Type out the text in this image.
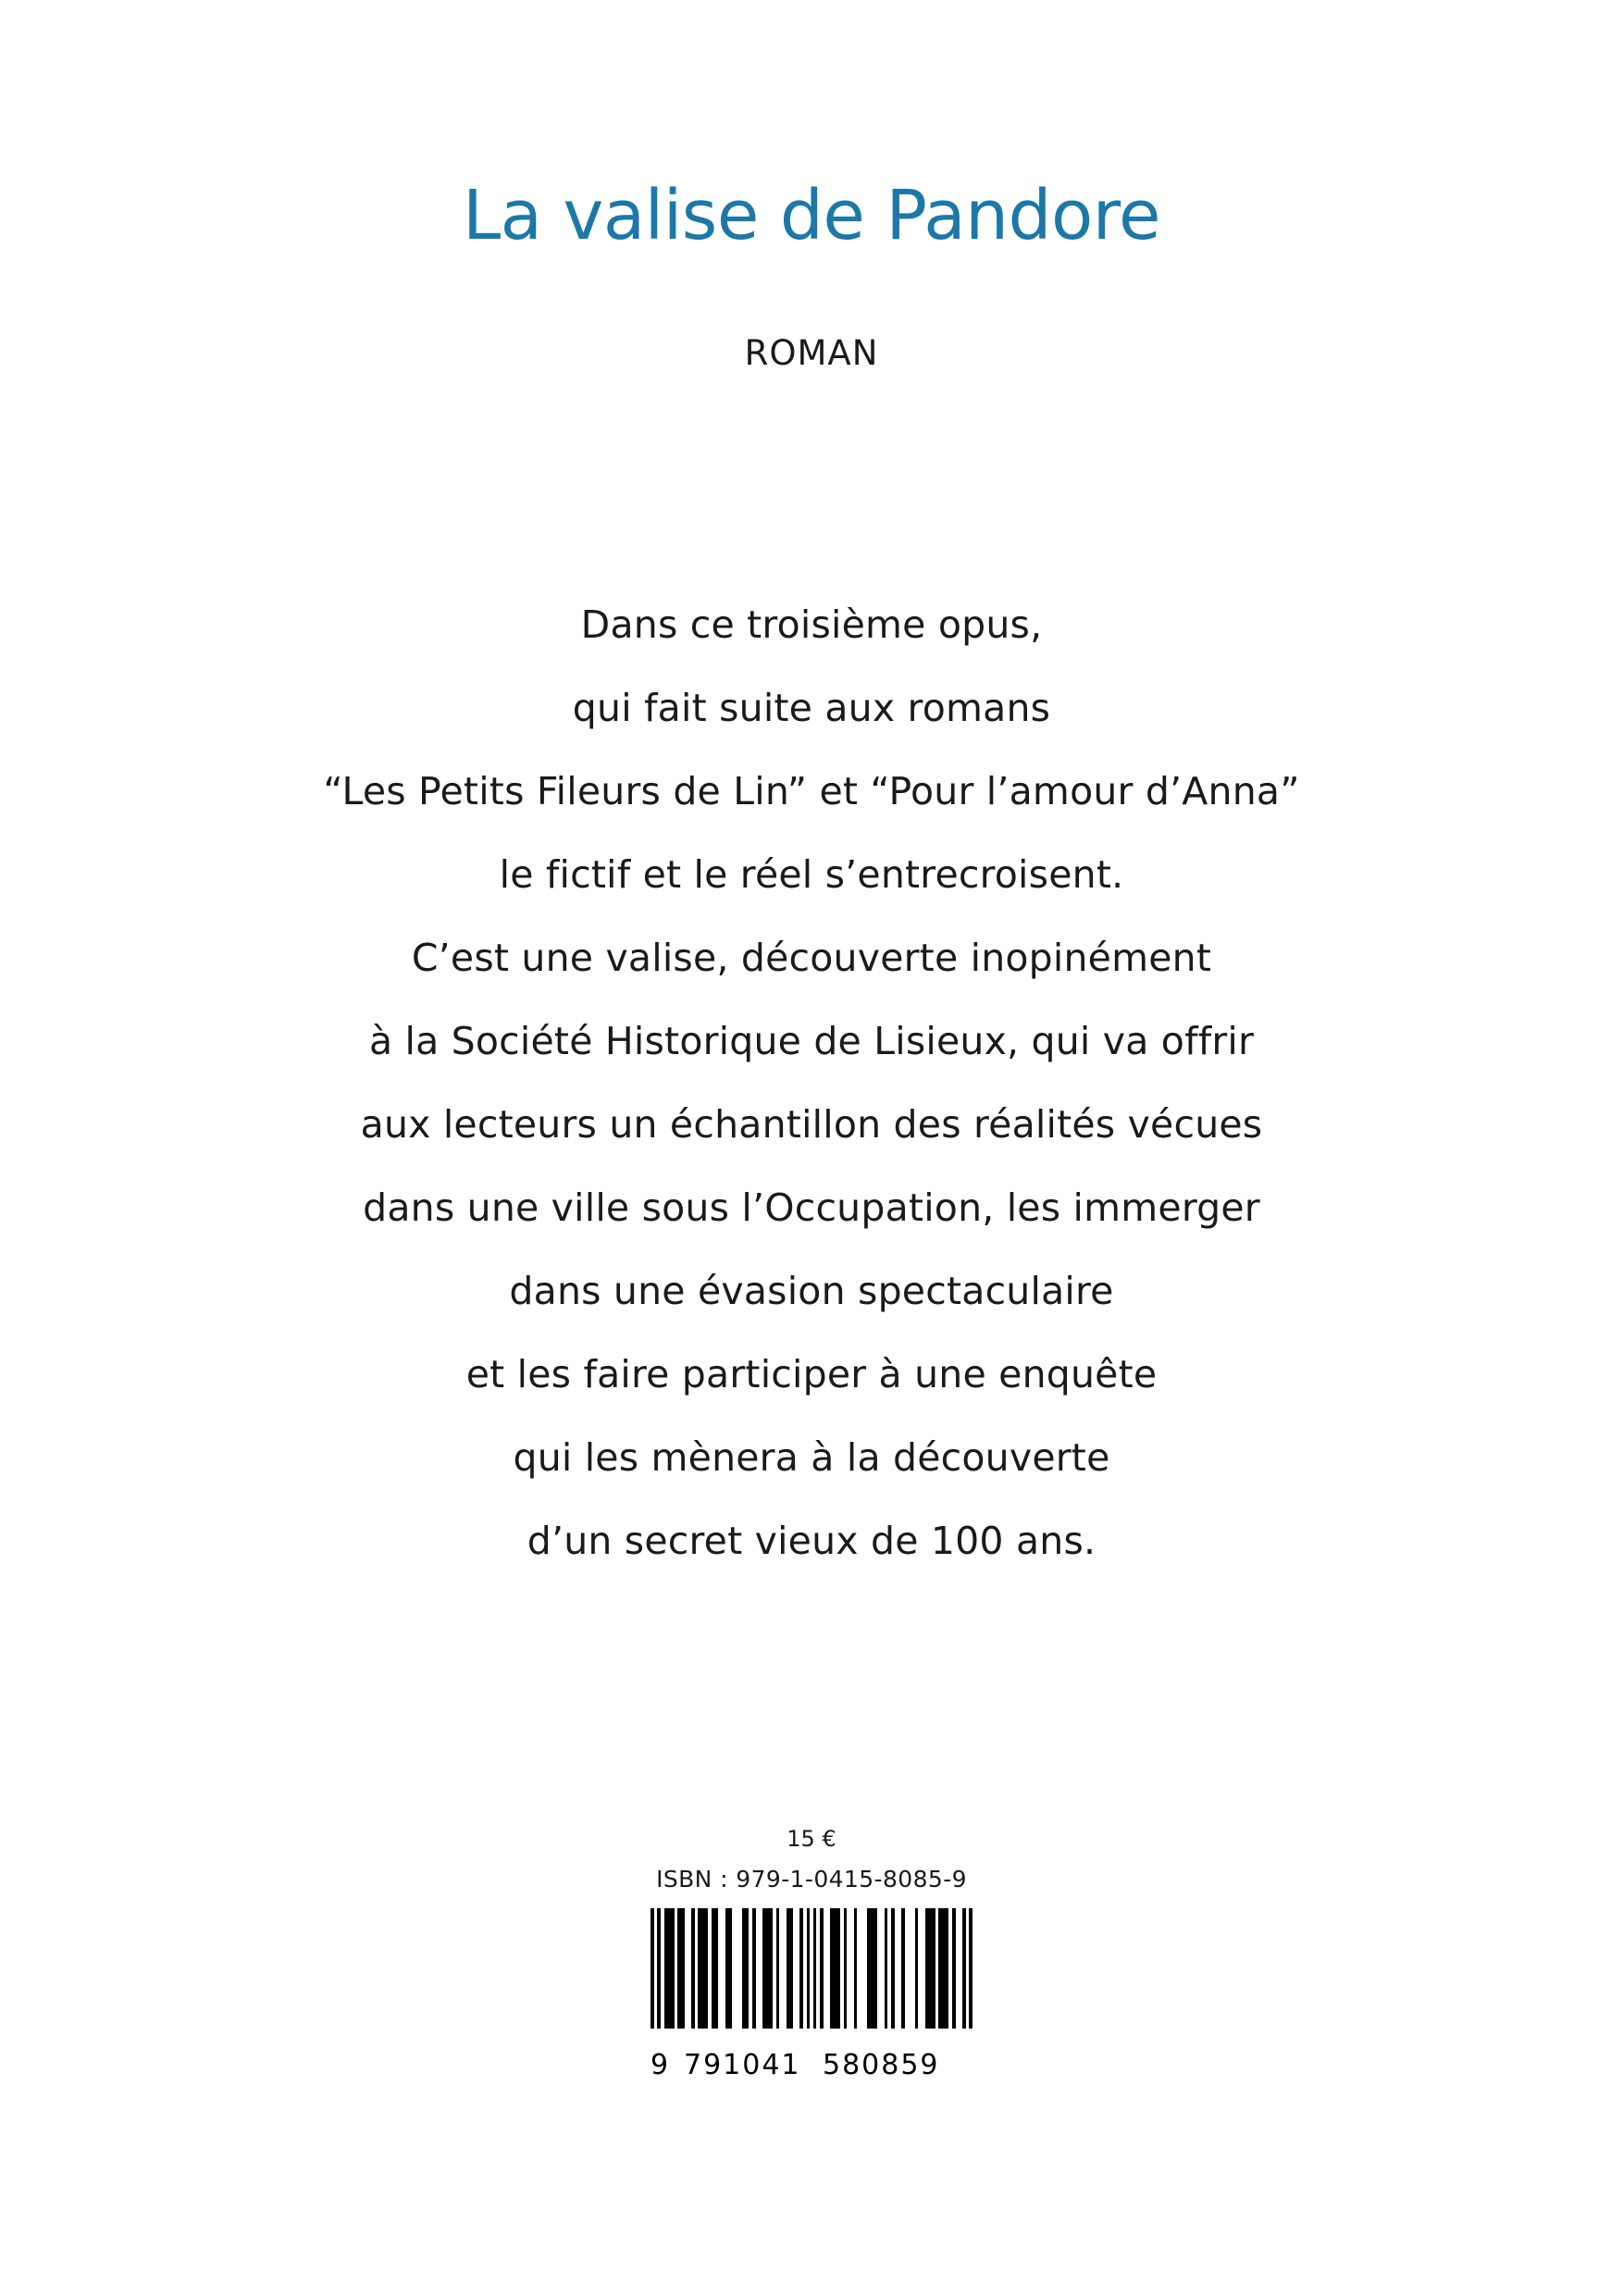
La valise de Pandore
ROMAN
Dans ce troisième opus,
qui fait suite aux romans
“Les Petits Fileurs de Lin” et “Pour l’amour d’Anna”
le fictif et le réel s’entrecroisent.
C’est une valise, découverte inopinément
à la Société Historique de Lisieux, qui va offrir
aux lecteurs un échantillon des réalités vécues
dans une ville sous l’Occupation, les immerger
dans une évasion spectaculaire
et les faire participer à une enquête
qui les mènera à la découverte
d’un secret vieux de 100 ans.
15 €
ISBN : 979-1-0415-8085-9
9 791041 580859
